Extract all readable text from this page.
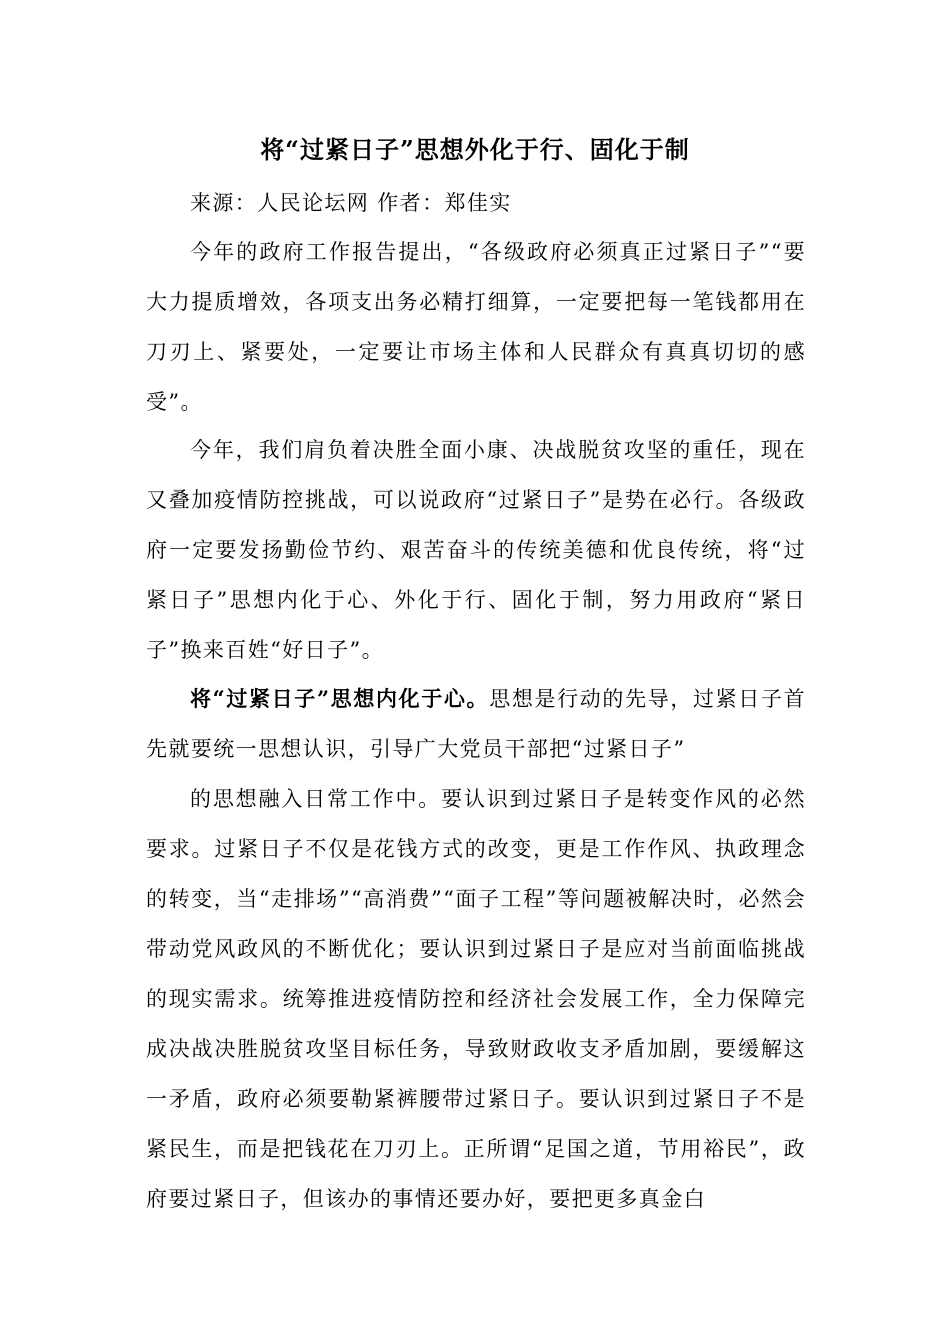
将“过紧日子”思想外化于行、固化于制

来源：人民论坛网 作者：郑佳实

今年的政府工作报告提出，“各级政府必须真正过紧日子”“要大力提质增效，各项支出务必精打细算，一定要把每一笔钱都用在刀刃上、紧要处，一定要让市场主体和人民群众有真真切切的感受”。

今年，我们肩负着决胜全面小康、决战脱贫攻坚的重任，现在又叠加疫情防控挑战，可以说政府“过紧日子”是势在必行。各级政府一定要发扬勤俭节约、艰苦奋斗的传统美德和优良传统，将“过紧日子”思想内化于心、外化于行、固化于制，努力用政府“紧日子”换来百姓“好日子”。

将“过紧日子”思想内化于心。思想是行动的先导，过紧日子首先就要统一思想认识，引导广大党员干部把“过紧日子”

的思想融入日常工作中。要认识到过紧日子是转变作风的必然要求。过紧日子不仅是花钱方式的改变，更是工作作风、执政理念的转变，当“走排场”“高消费”“面子工程”等问题被解决时，必然会带动党风政风的不断优化；要认识到过紧日子是应对当前面临挑战的现实需求。统筹推进疫情防控和经济社会发展工作，全力保障完成决战决胜脱贫攻坚目标任务，导致财政收支矛盾加剧，要缓解这一矛盾，政府必须要勒紧裤腰带过紧日子。要认识到过紧日子不是紧民生，而是把钱花在刀刃上。正所谓“足国之道，节用裕民”，政府要过紧日子，但该办的事情还要办好，要把更多真金白
